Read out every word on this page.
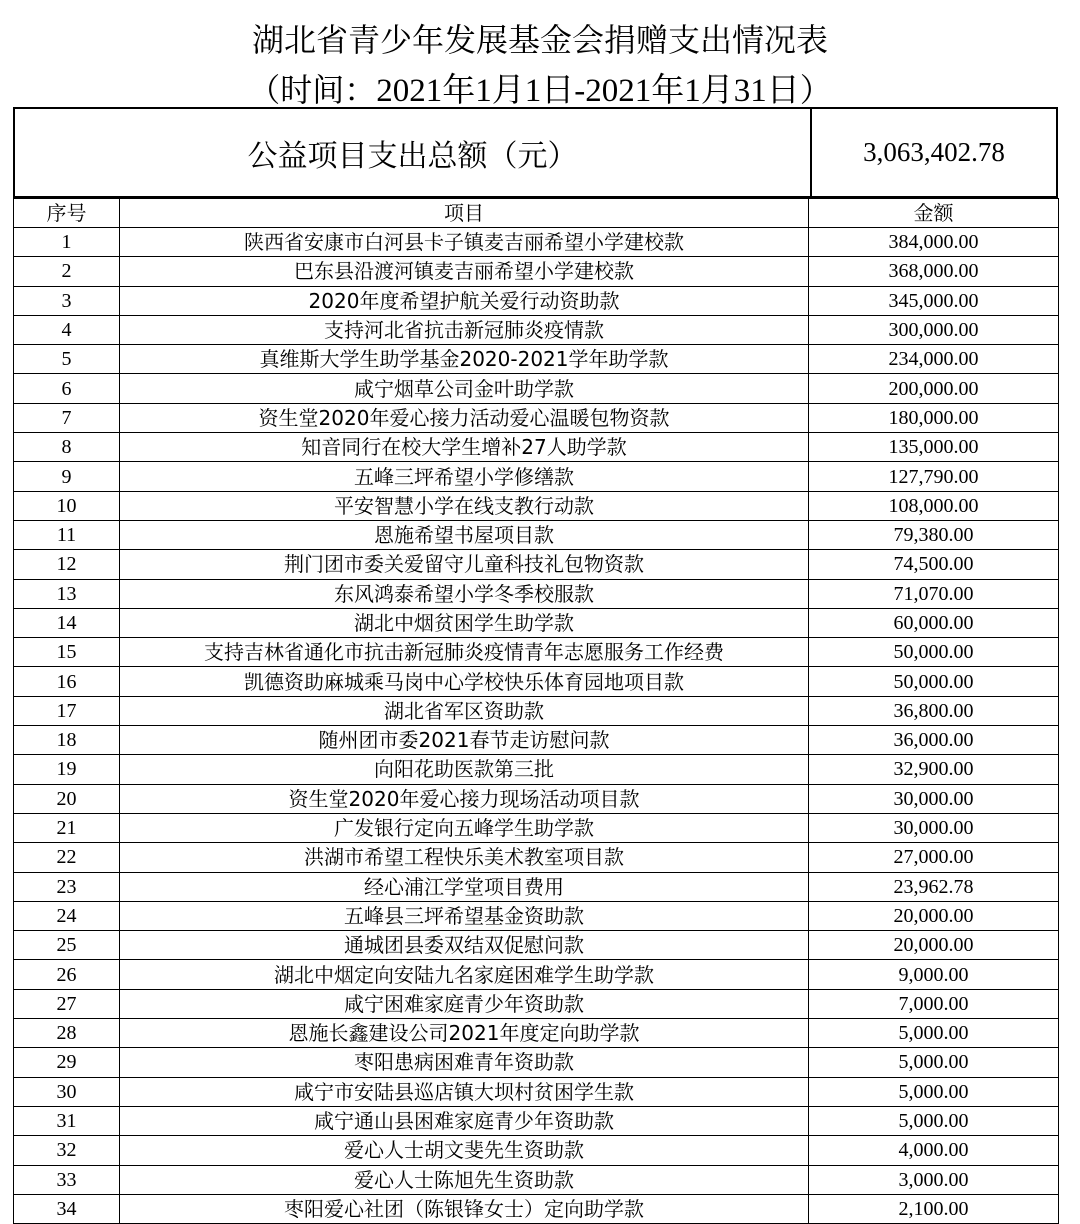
湖北省青少年发展基金会捐赠支出情况表
（时间：2021年1月1日-2021年1月31日）
公益项目支出总额（元）	3,063,402.78
序号	项目	金额
1	陕西省安康市白河县卡子镇麦吉丽希望小学建校款	384,000.00
2	巴东县沿渡河镇麦吉丽希望小学建校款	368,000.00
3	2020年度希望护航关爱行动资助款	345,000.00
4	支持河北省抗击新冠肺炎疫情款	300,000.00
5	真维斯大学生助学基金2020-2021学年助学款	234,000.00
6	咸宁烟草公司金叶助学款	200,000.00
7	资生堂2020年爱心接力活动爱心温暖包物资款	180,000.00
8	知音同行在校大学生增补27人助学款	135,000.00
9	五峰三坪希望小学修缮款	127,790.00
10	平安智慧小学在线支教行动款	108,000.00
11	恩施希望书屋项目款	79,380.00
12	荆门团市委关爱留守儿童科技礼包物资款	74,500.00
13	东风鸿泰希望小学冬季校服款	71,070.00
14	湖北中烟贫困学生助学款	60,000.00
15	支持吉林省通化市抗击新冠肺炎疫情青年志愿服务工作经费	50,000.00
16	凯德资助麻城乘马岗中心学校快乐体育园地项目款	50,000.00
17	湖北省军区资助款	36,800.00
18	随州团市委2021春节走访慰问款	36,000.00
19	向阳花助医款第三批	32,900.00
20	资生堂2020年爱心接力现场活动项目款	30,000.00
21	广发银行定向五峰学生助学款	30,000.00
22	洪湖市希望工程快乐美术教室项目款	27,000.00
23	经心浦江学堂项目费用	23,962.78
24	五峰县三坪希望基金资助款	20,000.00
25	通城团县委双结双促慰问款	20,000.00
26	湖北中烟定向安陆九名家庭困难学生助学款	9,000.00
27	咸宁困难家庭青少年资助款	7,000.00
28	恩施长鑫建设公司2021年度定向助学款	5,000.00
29	枣阳患病困难青年资助款	5,000.00
30	咸宁市安陆县巡店镇大坝村贫困学生款	5,000.00
31	咸宁通山县困难家庭青少年资助款	5,000.00
32	爱心人士胡文斐先生资助款	4,000.00
33	爱心人士陈旭先生资助款	3,000.00
34	枣阳爱心社团（陈银锋女士）定向助学款	2,100.00
